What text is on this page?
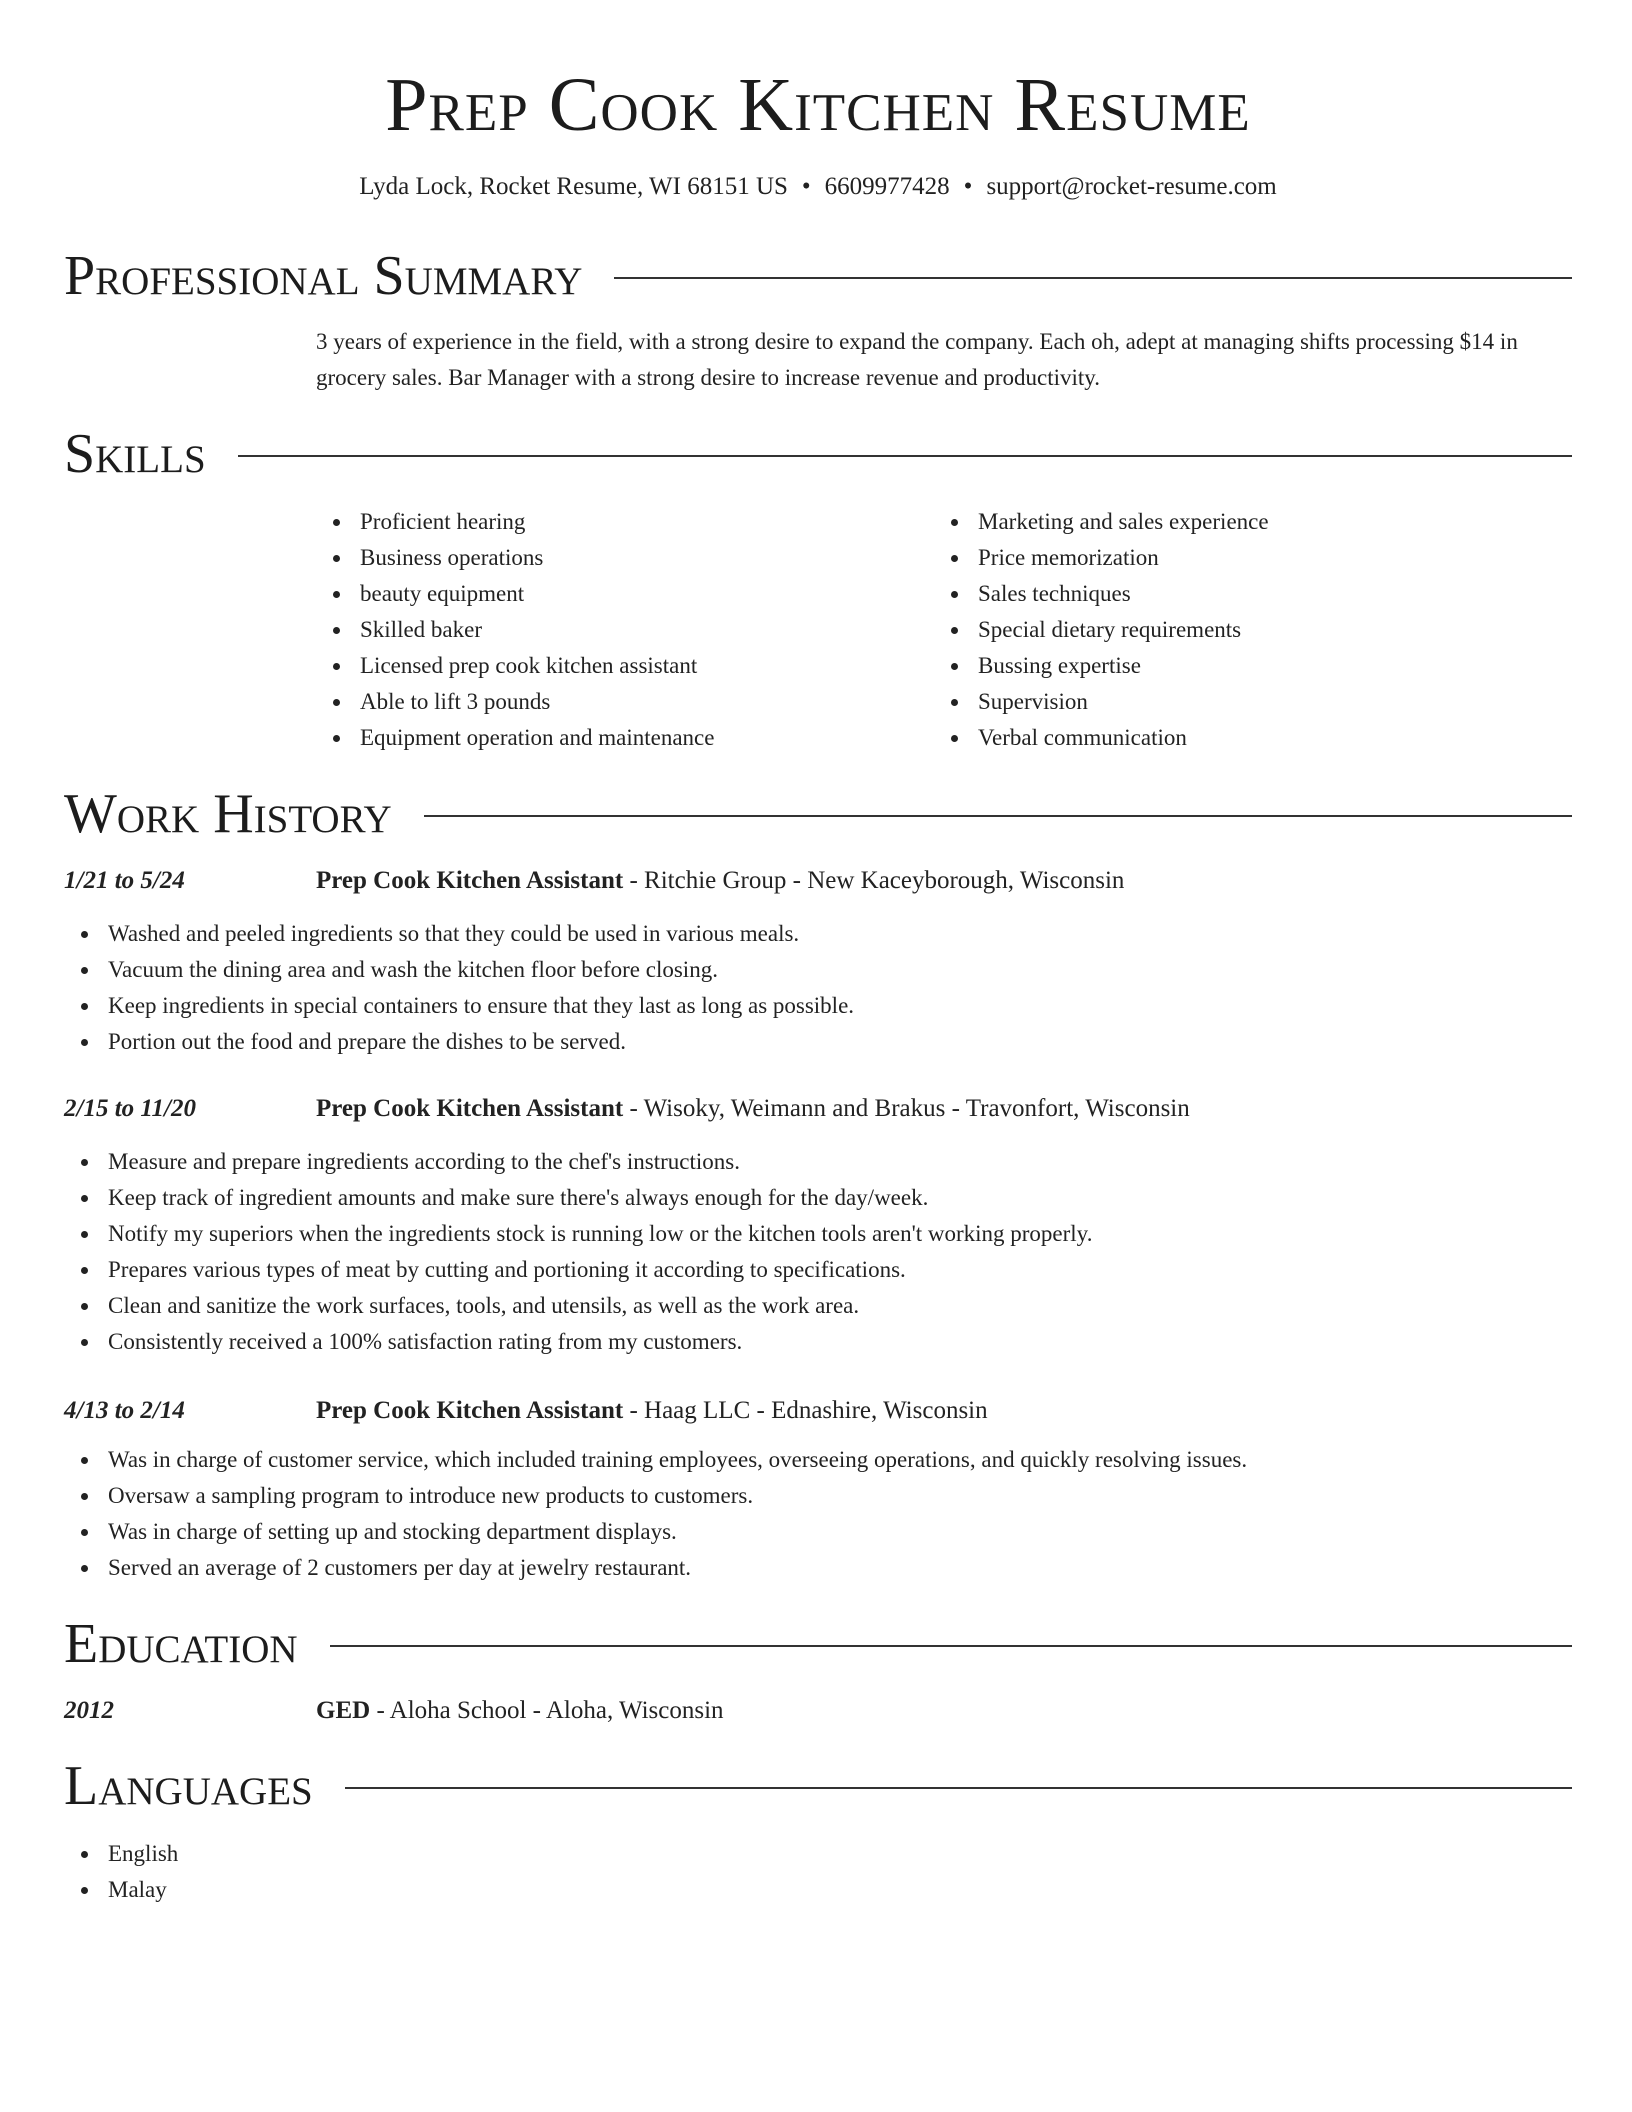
Prep Cook Kitchen Resume
Lyda Lock, Rocket Resume, WI 68151 US • 6609977428 • support@rocket-resume.com
Professional Summary
3 years of experience in the field, with a strong desire to expand the company. Each oh, adept at managing shifts processing $14 in grocery sales. Bar Manager with a strong desire to increase revenue and productivity.
Skills
Proficient hearing
Business operations
beauty equipment
Skilled baker
Licensed prep cook kitchen assistant
Able to lift 3 pounds
Equipment operation and maintenance
Marketing and sales experience
Price memorization
Sales techniques
Special dietary requirements
Bussing expertise
Supervision
Verbal communication
Work History
1/21 to 5/24	Prep Cook Kitchen Assistant - Ritchie Group - New Kaceyborough, Wisconsin
Washed and peeled ingredients so that they could be used in various meals.
Vacuum the dining area and wash the kitchen floor before closing.
Keep ingredients in special containers to ensure that they last as long as possible.
Portion out the food and prepare the dishes to be served.
2/15 to 11/20	Prep Cook Kitchen Assistant - Wisoky, Weimann and Brakus - Travonfort, Wisconsin
Measure and prepare ingredients according to the chef's instructions.
Keep track of ingredient amounts and make sure there's always enough for the day/week.
Notify my superiors when the ingredients stock is running low or the kitchen tools aren't working properly.
Prepares various types of meat by cutting and portioning it according to specifications.
Clean and sanitize the work surfaces, tools, and utensils, as well as the work area.
Consistently received a 100% satisfaction rating from my customers.
4/13 to 2/14	Prep Cook Kitchen Assistant - Haag LLC - Ednashire, Wisconsin
Was in charge of customer service, which included training employees, overseeing operations, and quickly resolving issues.
Oversaw a sampling program to introduce new products to customers.
Was in charge of setting up and stocking department displays.
Served an average of 2 customers per day at jewelry restaurant.
Education
2012	GED - Aloha School - Aloha, Wisconsin
Languages
English
Malay
